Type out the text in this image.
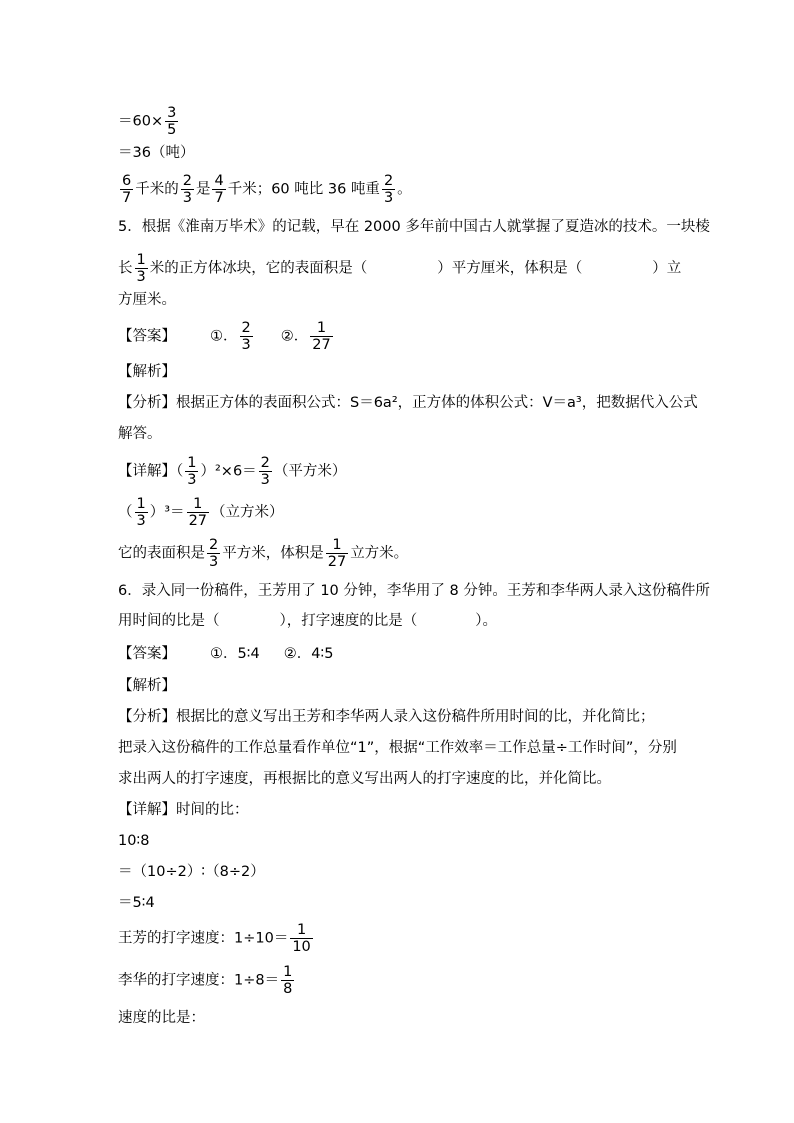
$=60\times \frac{3}{5}$
＝36（吨）
$\frac{6}{7}$ 千米的 $\frac{2}{3}$ 是 $\frac{4}{7}$ 千米；60 吨比 36 吨重 $\frac{2}{3}$ 。
5．根据《淮南万毕术》的记载，早在 2000 多年前中国古人就掌握了夏造冰的技术。一块棱
长 $\frac{1}{3}$ 米的正方体冰块，它的表面积是（	）平方厘米，体积是（	）立
方厘米。
【答案】 ①． $\frac{2}{3}$ ②． $\frac{1}{27}$
【解析】
【分析】根据正方体的表面积公式：S＝6a²，正方体的体积公式：V＝a³，把数据代入公式
解答。
【详解】（ $\frac{1}{3} )^2\times 6= \frac{2}{3}$ （平方米）
（ $\frac{1}{3} )^3= \frac{1}{27}$ （立方米）
它的表面积是 $\frac{2}{3}$ 平方米，体积是 $\frac{1}{27}$ 立方米。
6．录入同一份稿件，王芳用了 10 分钟，李华用了 8 分钟。王芳和李华两人录入这份稿件所
用时间的比是（	），打字速度的比是（	）。
【答案】 ①．5∶4 ②．4∶5
【解析】
【分析】根据比的意义写出王芳和李华两人录入这份稿件所用时间的比，并化简比；
把录入这份稿件的工作总量看作单位“1”，根据“工作效率＝工作总量÷工作时间”，分别
求出两人的打字速度，再根据比的意义写出两人的打字速度的比，并化简比。
【详解】时间的比：
10∶8
＝（10÷2）∶（8÷2）
＝5∶4
王芳的打字速度：$1\div 10= \frac{1}{10}$
李华的打字速度：$1\div 8= \frac{1}{8}$
速度的比是：
